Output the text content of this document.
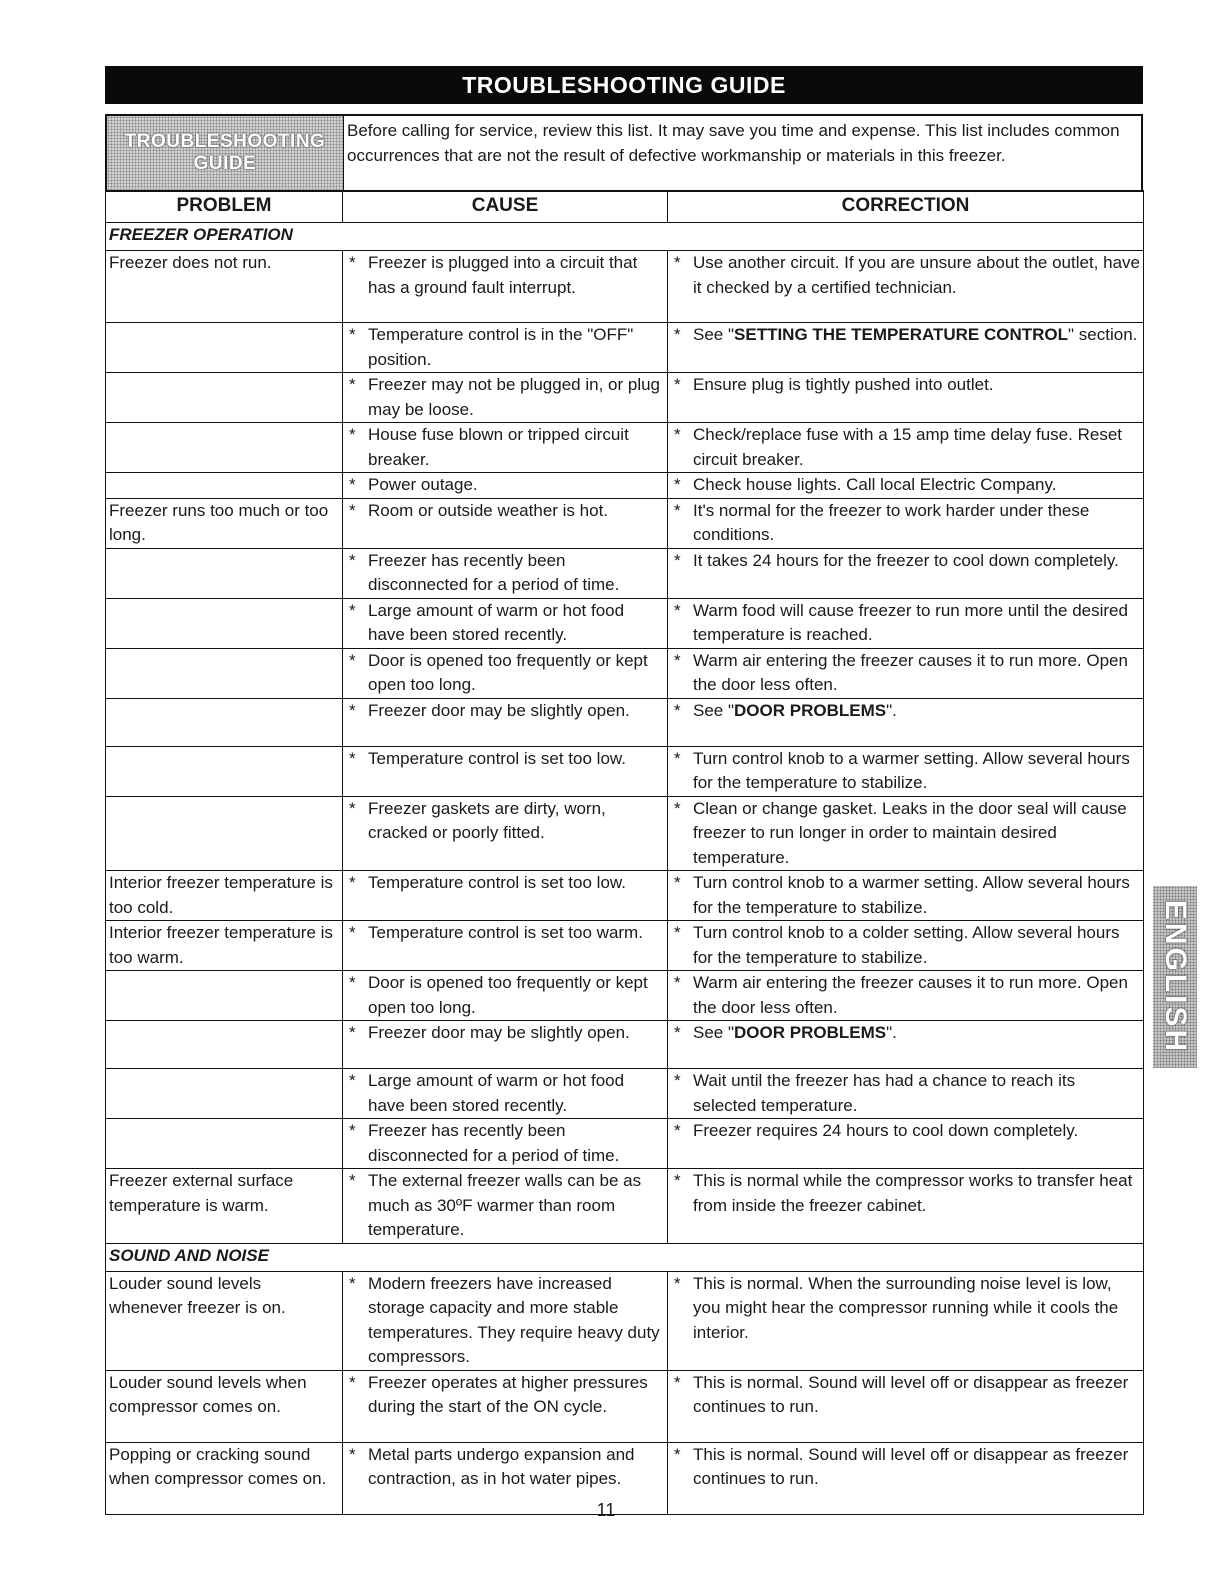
TROUBLESHOOTING GUIDE
TROUBLESHOOTING
GUIDE
Before calling for service, review this list. It may save you time and expense. This list includes common occurrences that are not the result of defective workmanship or materials in this freezer.
PROBLEM	CAUSE	CORRECTION
FREEZER OPERATION		
Freezer does not run.	* Freezer is plugged into a circuit that has a ground fault interrupt.	* Use another circuit. If you are unsure about the outlet, have it checked by a certified technician.

	* Temperature control is in the "OFF" position.	* See "SETTING THE TEMPERATURE CONTROL" section.

	* Freezer may not be plugged in, or plug may be loose.	* Ensure plug is tightly pushed into outlet.

	* House fuse blown or tripped circuit breaker.	* Check/replace fuse with a 15 amp time delay fuse. Reset circuit breaker.

	* Power outage.	* Check house lights. Call local Electric Company.

Freezer runs too much or too long.	* Room or outside weather is hot.	* It's normal for the freezer to work harder under these conditions.

	* Freezer has recently been disconnected for a period of time.	* It takes 24 hours for the freezer to cool down completely.

	* Large amount of warm or hot food have been stored recently.	* Warm food will cause freezer to run more until the desired temperature is reached.

	* Door is opened too frequently or kept open too long.	* Warm air entering the freezer causes it to run more. Open the door less often.

	* Freezer door may be slightly open.	* See "DOOR PROBLEMS".

	* Temperature control is set too low.	* Turn control knob to a warmer setting. Allow several hours for the temperature to stabilize.

	* Freezer gaskets are dirty, worn, cracked or poorly fitted.	* Clean or change gasket. Leaks in the door seal will cause freezer to run longer in order to maintain desired temperature.

Interior freezer temperature is too cold.	* Temperature control is set too low.	* Turn control knob to a warmer setting. Allow several hours for the temperature to stabilize.

Interior freezer temperature is too warm.	* Temperature control is set too warm.	* Turn control knob to a colder setting. Allow several hours for the temperature to stabilize.

	* Door is opened too frequently or kept open too long.	* Warm air entering the freezer causes it to run more. Open the door less often.

	* Freezer door may be slightly open.	* See "DOOR PROBLEMS".

	* Large amount of warm or hot food have been stored recently.	* Wait until the freezer has had a chance to reach its selected temperature.

	* Freezer has recently been disconnected for a period of time.	* Freezer requires 24 hours to cool down completely.

Freezer external surface temperature is warm.	* The external freezer walls can be as much as 30ºF warmer than room temperature.	* This is normal while the compressor works to transfer heat from inside the freezer cabinet.

SOUND AND NOISE		
Louder sound levels whenever freezer is on.	* Modern freezers have increased storage capacity and more stable temperatures. They require heavy duty compressors.	* This is normal. When the surrounding noise level is low, you might hear the compressor running while it cools the interior.

Louder sound levels when compressor comes on.	* Freezer operates at higher pressures during the start of the ON cycle.	* This is normal. Sound will level off or disappear as freezer continues to run.

Popping or cracking sound when compressor comes on.	* Metal parts undergo expansion and contraction, as in hot water pipes.	* This is normal. Sound will level off or disappear as freezer continues to run.
ENGLISH
11
